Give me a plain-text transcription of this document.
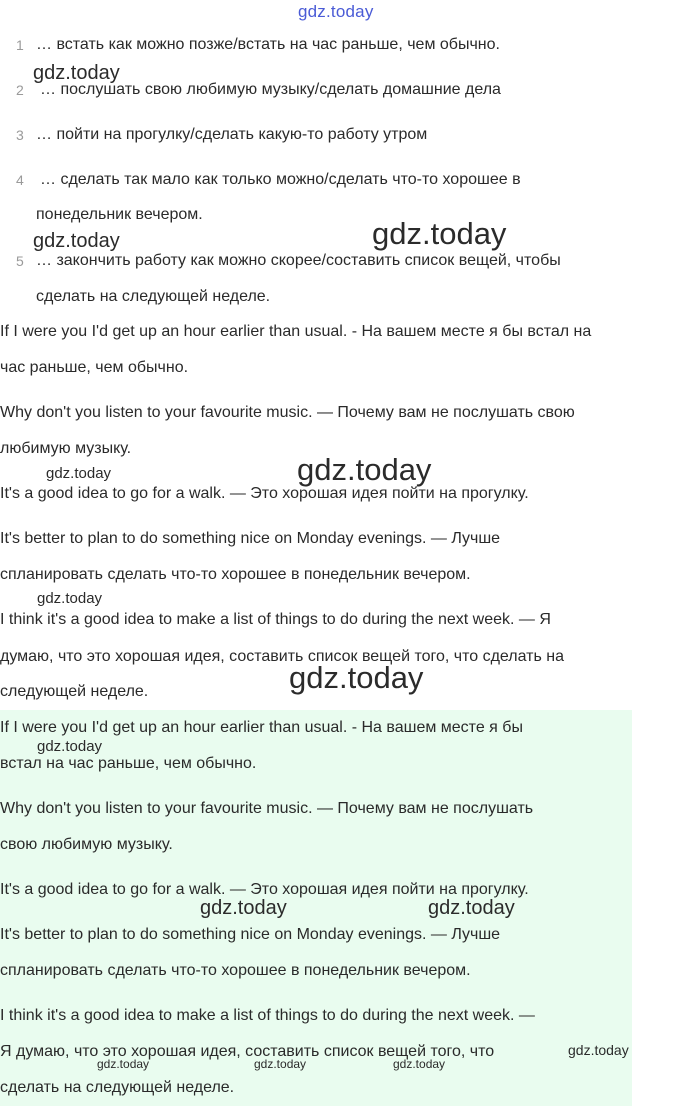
gdz.today
1 … встать как можно позже/встать на час раньше, чем обычно.
2 … послушать свою любимую музыку/сделать домашние дела
3 … пойти на прогулку/сделать какую-то работу утром
4 … сделать так мало как только можно/сделать что-то хорошее в
понедельник вечером.
5 … закончить работу как можно скорее/составить список вещей, чтобы
сделать на следующей неделе.
If I were you I'd get up an hour earlier than usual. - На вашем месте я бы встал на
час раньше, чем обычно.
Why don't you listen to your favourite music. — Почему вам не послушать свою
любимую музыку.
It's a good idea to go for a walk. — Это хорошая идея пойти на прогулку.
It's better to plan to do something nice on Monday evenings. — Лучше
спланировать сделать что-то хорошее в понедельник вечером.
I think it's a good idea to make a list of things to do during the next week. — Я
думаю, что это хорошая идея, составить список вещей того, что сделать на
следующей неделе.
If I were you I'd get up an hour earlier than usual. - На вашем месте я бы
встал на час раньше, чем обычно.
Why don't you listen to your favourite music. — Почему вам не послушать
свою любимую музыку.
It's a good idea to go for a walk. — Это хорошая идея пойти на прогулку.
It's better to plan to do something nice on Monday evenings. — Лучше
спланировать сделать что-то хорошее в понедельник вечером.
I think it's a good idea to make a list of things to do during the next week. —
Я думаю, что это хорошая идея, составить список вещей того, что
сделать на следующей неделе.
gdz.today
gdz.today	gdz.today
gdz.today	gdz.today
gdz.today
gdz.today
gdz.today
gdz.today	gdz.today
gdz.today
gdz.today	gdz.today	gdz.today
